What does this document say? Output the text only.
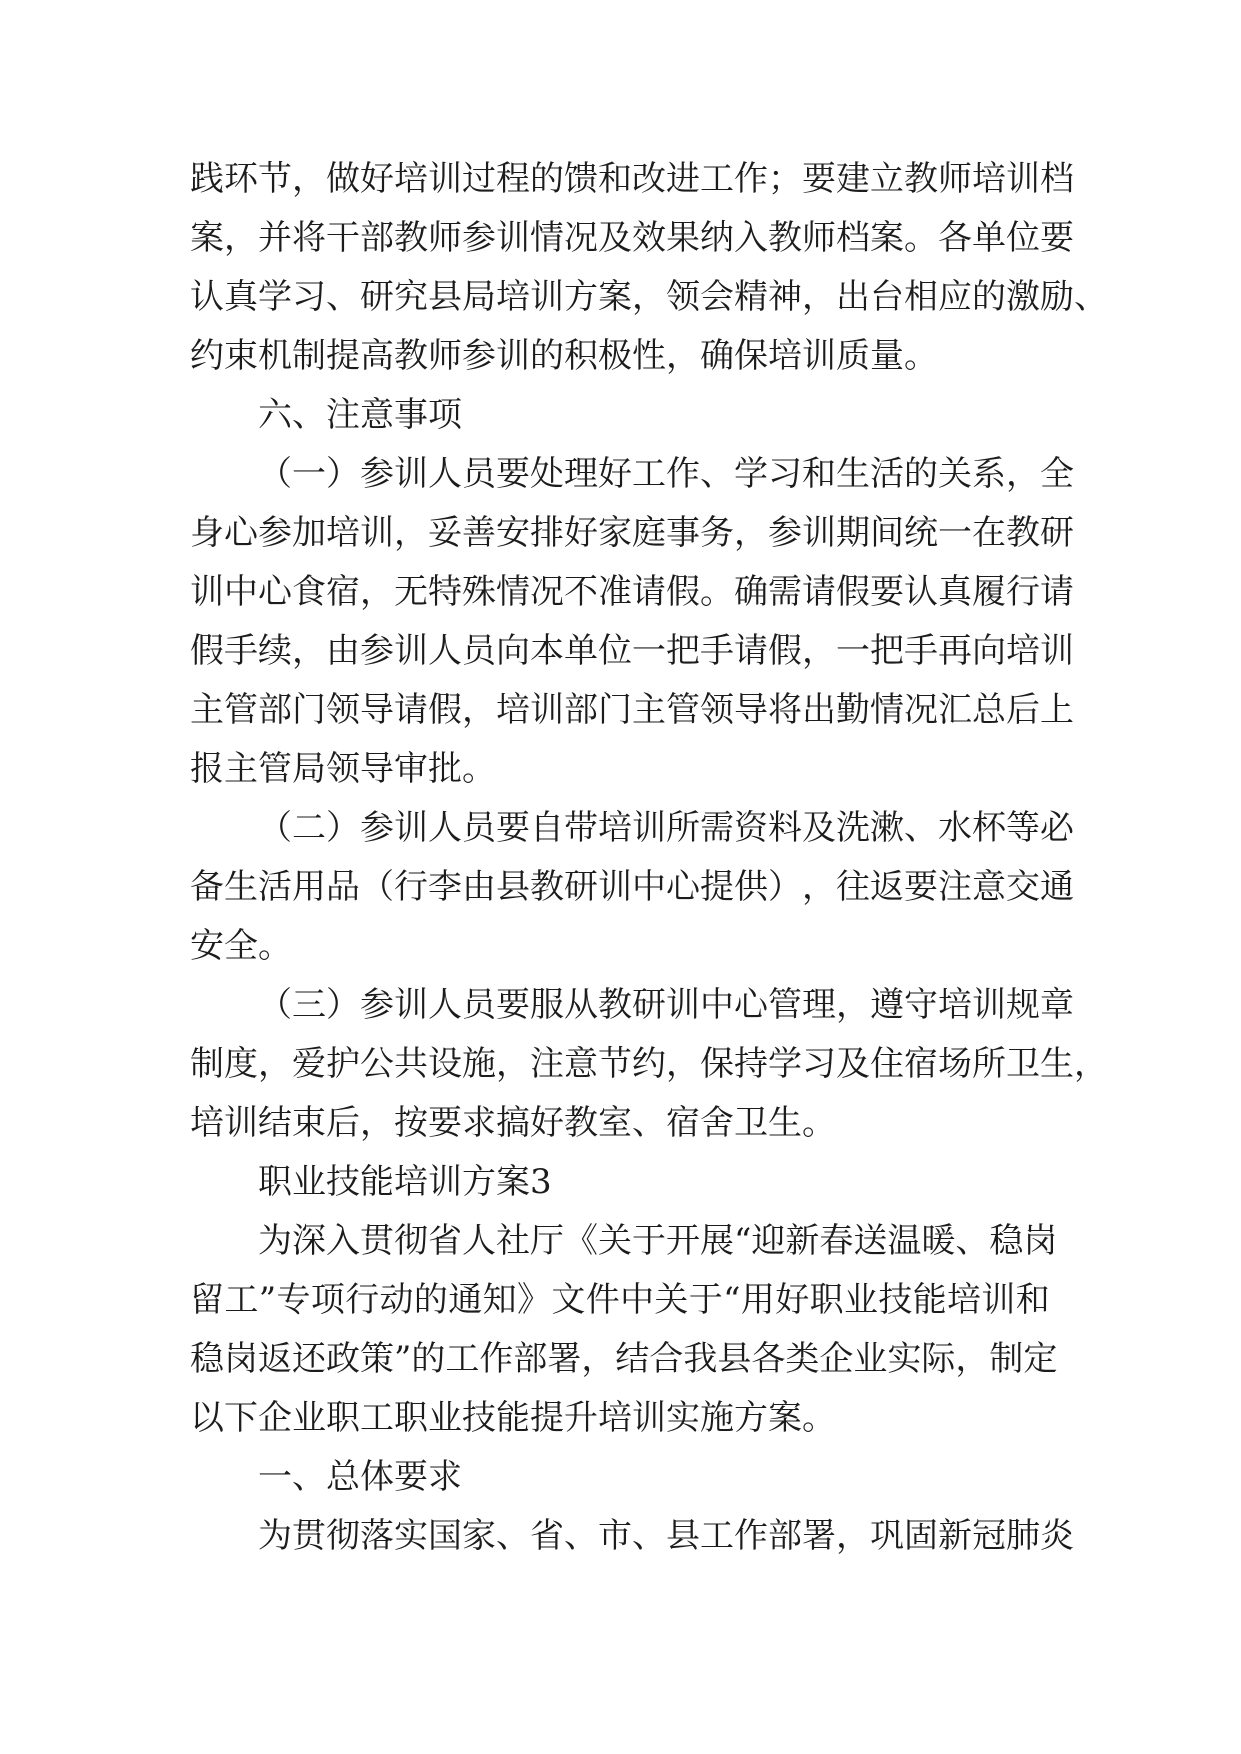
践 环 节 ， 做 好 培 训 过 程 的 馈 和 改 进 工 作 ； 要 建 立 教 师 培 训 档
案 ， 并 将 干 部 教 师 参 训 情 况 及 效 果 纳 入 教 师 档 案 。 各 单 位 要
认 真 学 习 、 研 究 县 局 培 训 方 案 ， 领 会 精 神 ， 出 台 相 应 的 激 励 、
约束机制提高教师参训的积极性，确保培训质量。
六、注意事项
（ 一 ） 参 训 人 员 要 处 理 好 工 作 、 学 习 和 生 活 的 关 系 ， 全
身 心 参 加 培 训 ， 妥 善 安 排 好 家 庭 事 务 ， 参 训 期 间 统 一 在 教 研
训 中 心 食 宿 ， 无 特 殊 情 况 不 准 请 假 。 确 需 请 假 要 认 真 履 行 请
假 手 续 ， 由 参 训 人 员 向 本 单 位 一 把 手 请 假 ， 一 把 手 再 向 培 训
主 管 部 门 领 导 请 假 ， 培 训 部 门 主 管 领 导 将 出 勤 情 况 汇 总 后 上
报主管局领导审批。
（ 二 ） 参 训 人 员 要 自 带 培 训 所 需 资 料 及 洗 漱 、 水 杯 等 必
备 生 活 用 品 （ 行 李 由 县 教 研 训 中 心 提 供 ） ， 往 返 要 注 意 交 通
安全。
（ 三 ） 参 训 人 员 要 服 从 教 研 训 中 心 管 理 ， 遵 守 培 训 规 章
制 度 ， 爱 护 公 共 设 施 ， 注 意 节 约 ， 保 持 学 习 及 住 宿 场 所 卫 生 ，
培训结束后，按要求搞好教室、宿舍卫生。
职业技能培训方案3
为 深 入 贯 彻 省 人 社 厅 《 关 于 开 展 “ 迎 新 春 送 温 暖 、 稳 岗
留 工 ” 专 项 行 动 的 通 知 》 文 件 中 关 于 “ 用 好 职 业 技 能 培 训 和
稳 岗 返 还 政 策 ” 的 工 作 部 署 ， 结 合 我 县 各 类 企 业 实 际 ， 制 定
以下企业职工职业技能提升培训实施方案。
一、总体要求
为 贯 彻 落 实 国 家 、 省 、 市 、 县 工 作 部 署 ， 巩 固 新 冠 肺 炎
